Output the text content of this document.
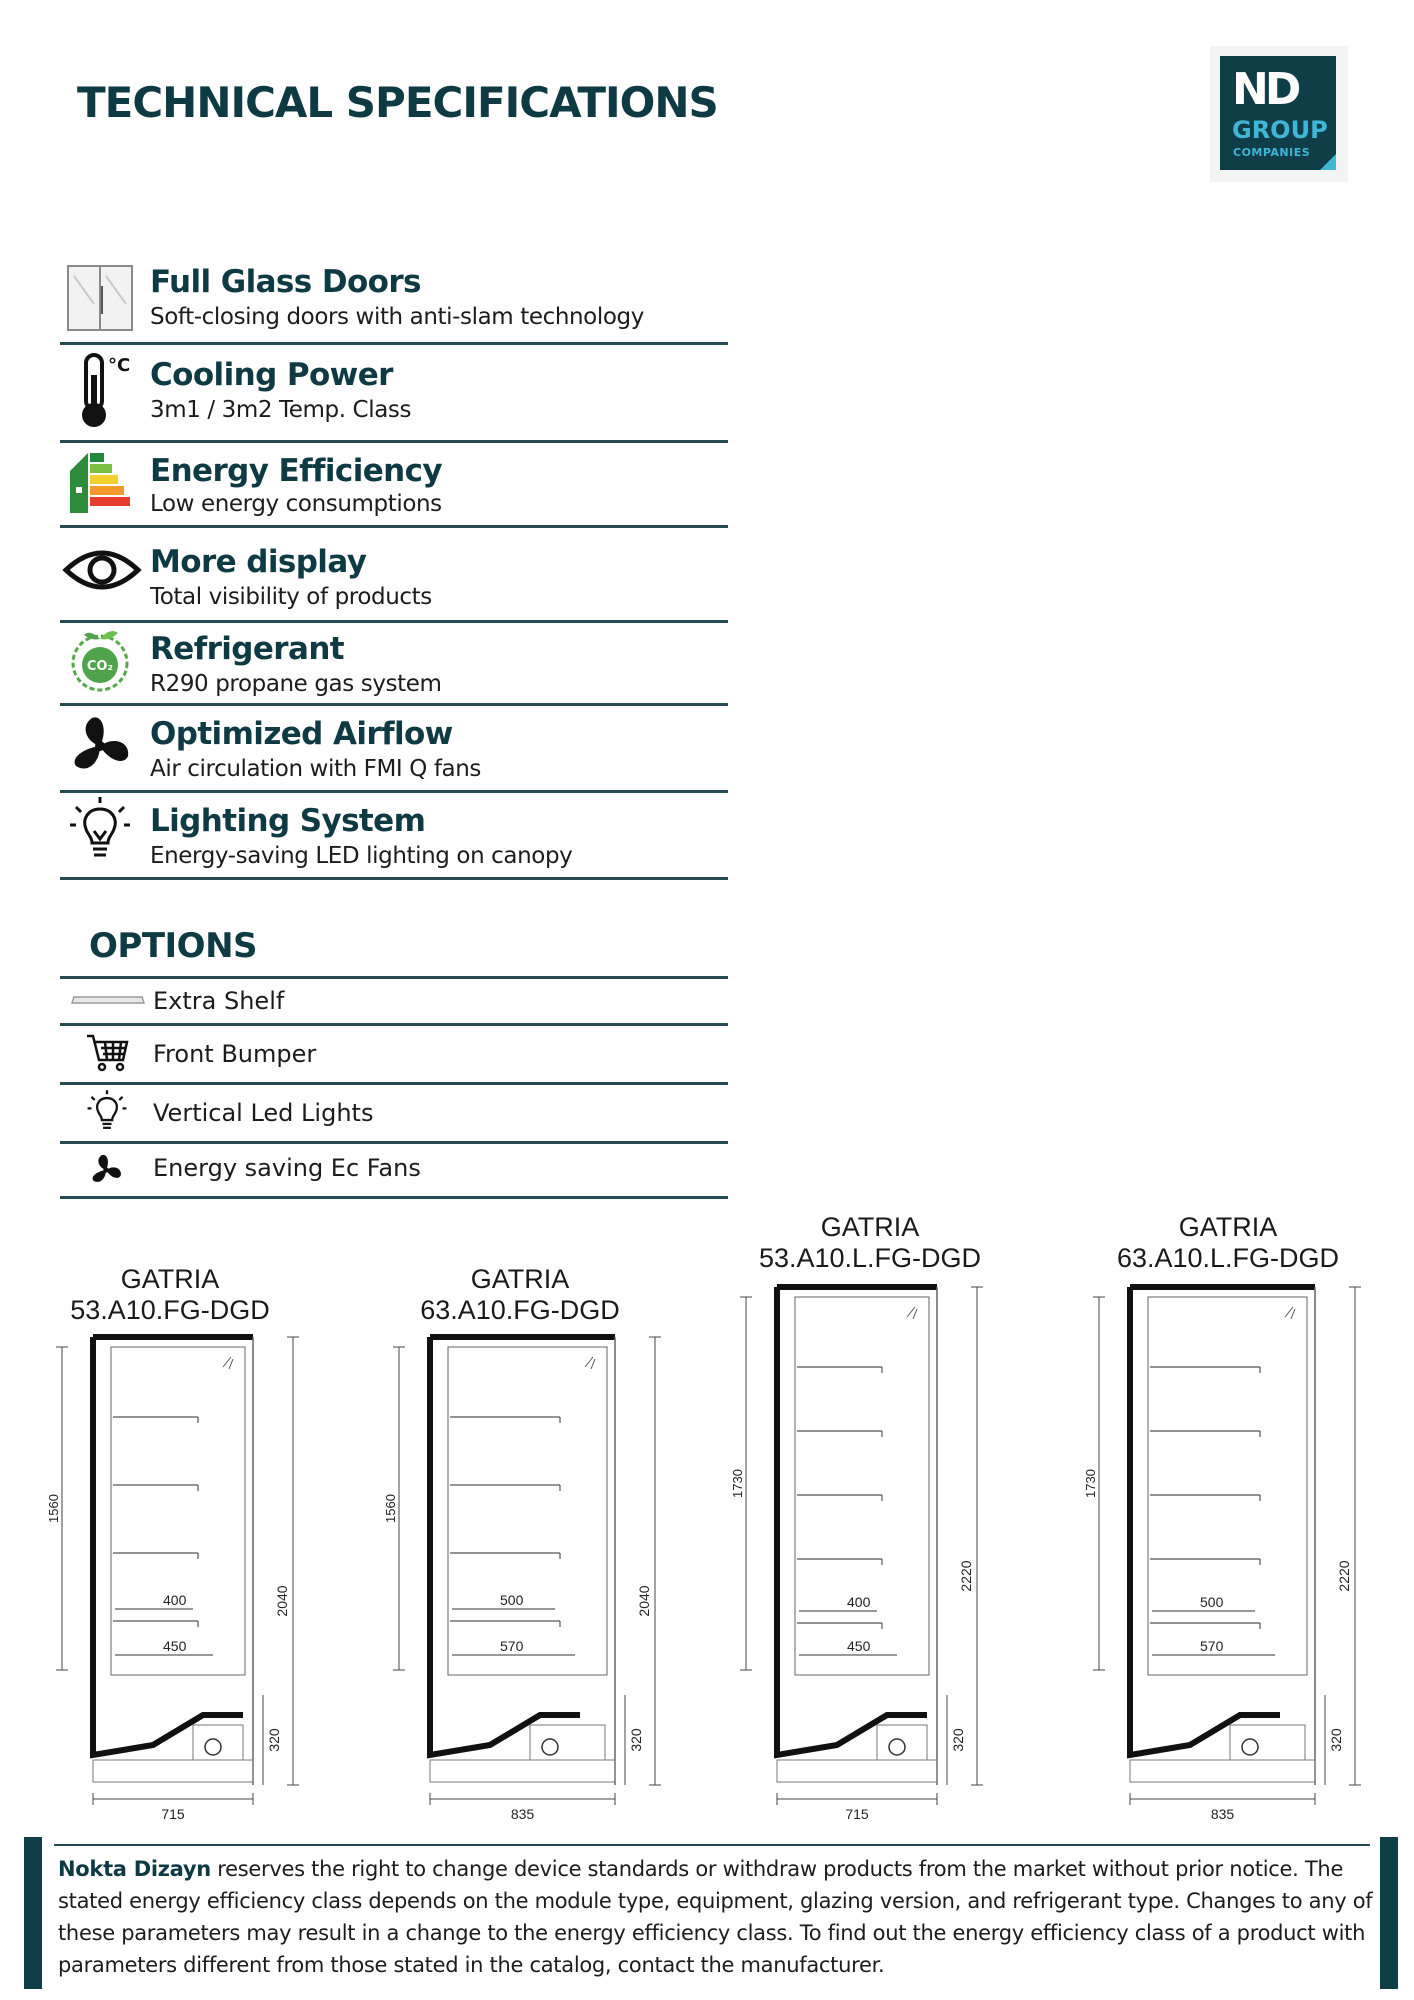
TECHNICAL SPECIFICATIONS	ND
GROUP
COMPANIES
Full Glass Doors
Soft-closing doors with anti-slam technology
°C Cooling Power
3m1 / 3m2 Temp. Class
Energy Efficiency
Low energy consumptions
More display
Total visibility of products
CO₂ Refrigerant
R290 propane gas system
Optimized Airflow
Air circulation with FMI Q fans
Lighting System
Energy-saving LED lighting on canopy
OPTIONS
Extra Shelf
Front Bumper
Vertical Led Lights
Energy saving Ec Fans
GATRIA
53.A10.FG-DGD
GATRIA
63.A10.FG-DGD
GATRIA
53.A10.L.FG-DGD
GATRIA
63.A10.L.FG-DGD
1560
400
450
2040
320
715
1560
500
570
2040
320
835
1730
400
450
2220
320
715
1730
500
570
2220
320
835
Nokta Dizayn reserves the right to change device standards or withdraw products from the market without prior notice. The stated energy efficiency class depends on the module type, equipment, glazing version, and refrigerant type. Changes to any of these parameters may result in a change to the energy efficiency class. To find out the energy efficiency class of a product with parameters different from those stated in the catalog, contact the manufacturer.
